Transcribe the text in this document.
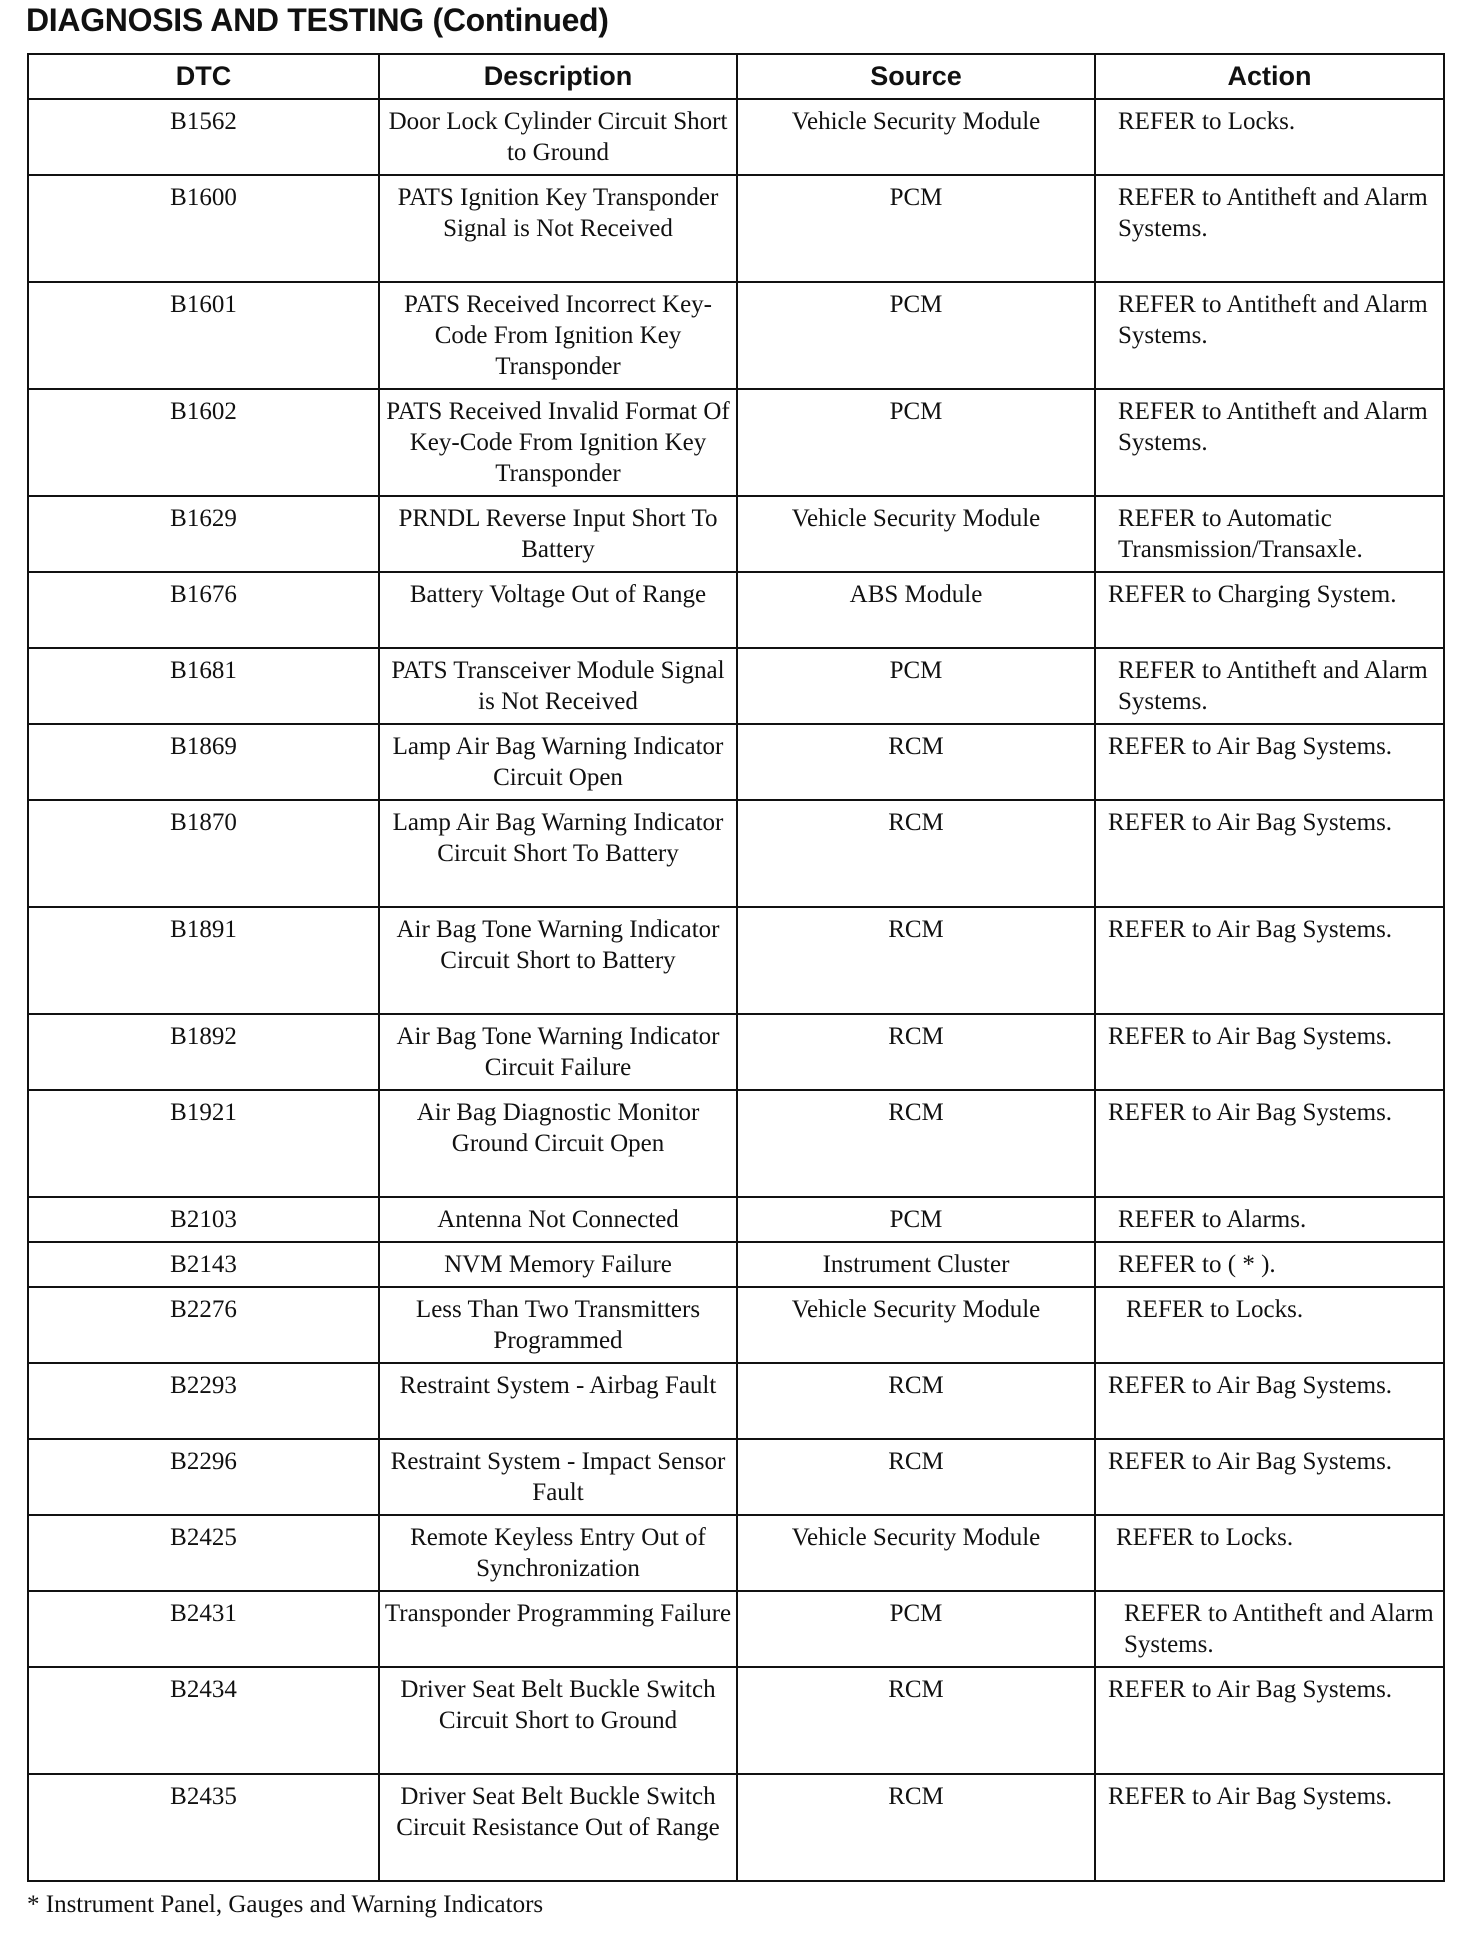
DIAGNOSIS AND TESTING (Continued)
DTC	Description	Source	Action
B1562	Door Lock Cylinder Circuit Short to Ground	Vehicle Security Module	REFER to Locks.
B1600	PATS Ignition Key Transponder Signal is Not Received	PCM	REFER to Antitheft and Alarm Systems.
B1601	PATS Received Incorrect Key-Code From Ignition Key Transponder	PCM	REFER to Antitheft and Alarm Systems.
B1602	PATS Received Invalid Format Of Key-Code From Ignition Key Transponder	PCM	REFER to Antitheft and Alarm Systems.
B1629	PRNDL Reverse Input Short To Battery	Vehicle Security Module	REFER to Automatic Transmission/Transaxle.
B1676	Battery Voltage Out of Range	ABS Module	REFER to Charging System.
B1681	PATS Transceiver Module Signal is Not Received	PCM	REFER to Antitheft and Alarm Systems.
B1869	Lamp Air Bag Warning Indicator Circuit Open	RCM	REFER to Air Bag Systems.
B1870	Lamp Air Bag Warning Indicator Circuit Short To Battery	RCM	REFER to Air Bag Systems.
B1891	Air Bag Tone Warning Indicator Circuit Short to Battery	RCM	REFER to Air Bag Systems.
B1892	Air Bag Tone Warning Indicator Circuit Failure	RCM	REFER to Air Bag Systems.
B1921	Air Bag Diagnostic Monitor Ground Circuit Open	RCM	REFER to Air Bag Systems.
B2103	Antenna Not Connected	PCM	REFER to Alarms.
B2143	NVM Memory Failure	Instrument Cluster	REFER to ( * ).
B2276	Less Than Two Transmitters Programmed	Vehicle Security Module	REFER to Locks.
B2293	Restraint System - Airbag Fault	RCM	REFER to Air Bag Systems.
B2296	Restraint System - Impact Sensor Fault	RCM	REFER to Air Bag Systems.
B2425	Remote Keyless Entry Out of Synchronization	Vehicle Security Module	REFER to Locks.
B2431	Transponder Programming Failure	PCM	REFER to Antitheft and Alarm Systems.
B2434	Driver Seat Belt Buckle Switch Circuit Short to Ground	RCM	REFER to Air Bag Systems.
B2435	Driver Seat Belt Buckle Switch Circuit Resistance Out of Range	RCM	REFER to Air Bag Systems.
* Instrument Panel, Gauges and Warning Indicators
